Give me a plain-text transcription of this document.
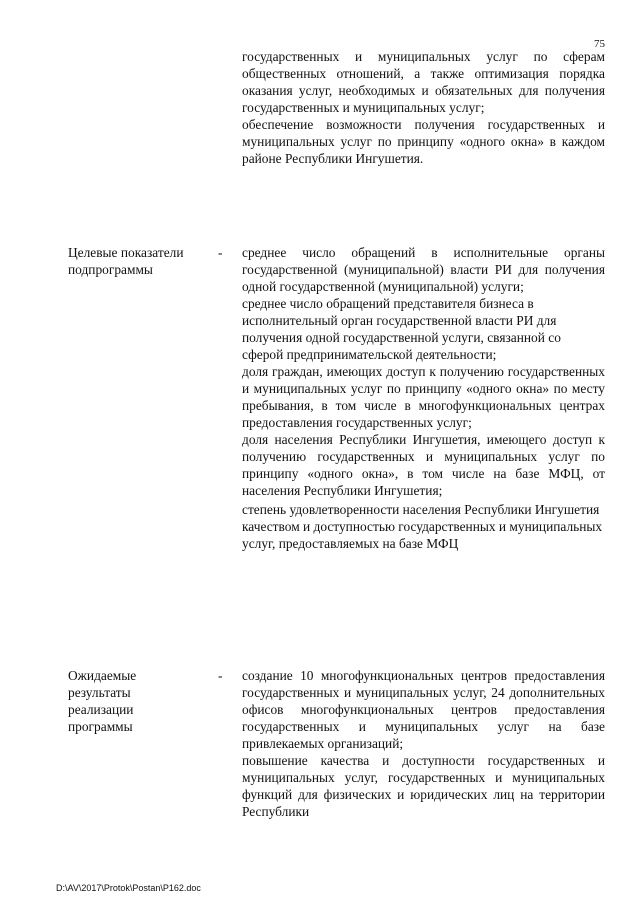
75

государственных и муниципальных услуг по сферам общественных отношений, а также оптимизация порядка оказания услуг, необходимых и обязательных для получения государственных и муниципальных услуг;

обеспечение возможности получения государственных и муниципальных услуг по принципу «одного окна» в каждом районе Республики Ингушетия.

Целевые показатели подпрограммы

- среднее число обращений в исполнительные органы государственной (муниципальной) власти РИ для получения одной государственной (муниципальной) услуги;

среднее число обращений представителя бизнеса в исполнительный орган государственной власти РИ для получения одной государственной услуги, связанной со сферой предпринимательской деятельности;

доля граждан, имеющих доступ к получению государственных и муниципальных услуг по принципу «одного окна» по месту пребывания, в том числе в многофункциональных центрах предоставления государственных услуг;

доля населения Республики Ингушетия, имеющего доступ к получению государственных и муниципальных услуг по принципу «одного окна», в том числе на базе МФЦ, от населения Республики Ингушетия;

степень удовлетворенности населения Республики Ингушетия качеством и доступностью государственных и муниципальных услуг, предоставляемых на базе МФЦ

Ожидаемые результаты реализации программы

- создание 10 многофункциональных центров предоставления государственных и муниципальных услуг, 24 дополнительных офисов многофункциональных центров предоставления государственных и муниципальных услуг на базе привлекаемых организаций;

повышение качества и доступности государственных и муниципальных услуг, государственных и муниципальных функций для физических и юридических лиц на территории Республики

D:\AV\2017\Protok\Postan\P162.doc
